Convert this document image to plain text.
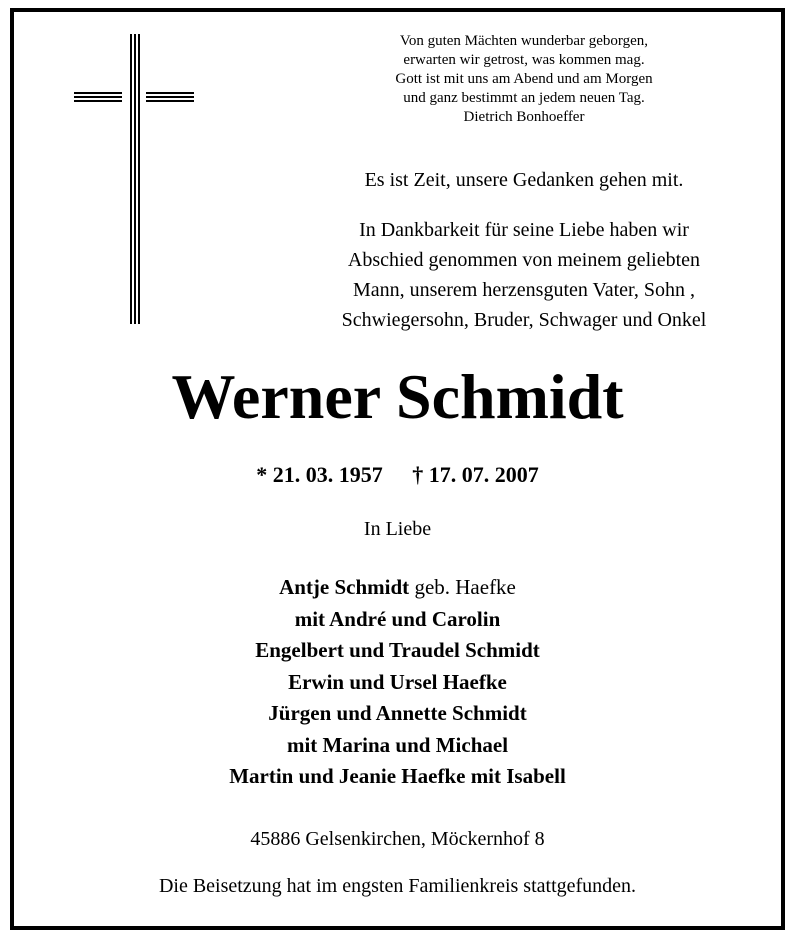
Von guten Mächten wunderbar geborgen,
erwarten wir getrost, was kommen mag.
Gott ist mit uns am Abend und am Morgen
und ganz bestimmt an jedem neuen Tag.
Dietrich Bonhoeffer
Es ist Zeit, unsere Gedanken gehen mit.
In Dankbarkeit für seine Liebe haben wir
Abschied genommen von meinem geliebten
Mann, unserem herzensguten Vater, Sohn ,
Schwiegersohn, Bruder, Schwager und Onkel
Werner Schmidt
* 21. 03. 1957 † 17. 07. 2007
In Liebe
Antje Schmidt geb. Haefke
mit André und Carolin
Engelbert und Traudel Schmidt
Erwin und Ursel Haefke
Jürgen und Annette Schmidt
mit Marina und Michael
Martin und Jeanie Haefke mit Isabell
45886 Gelsenkirchen, Möckernhof 8
Die Beisetzung hat im engsten Familienkreis stattgefunden.
